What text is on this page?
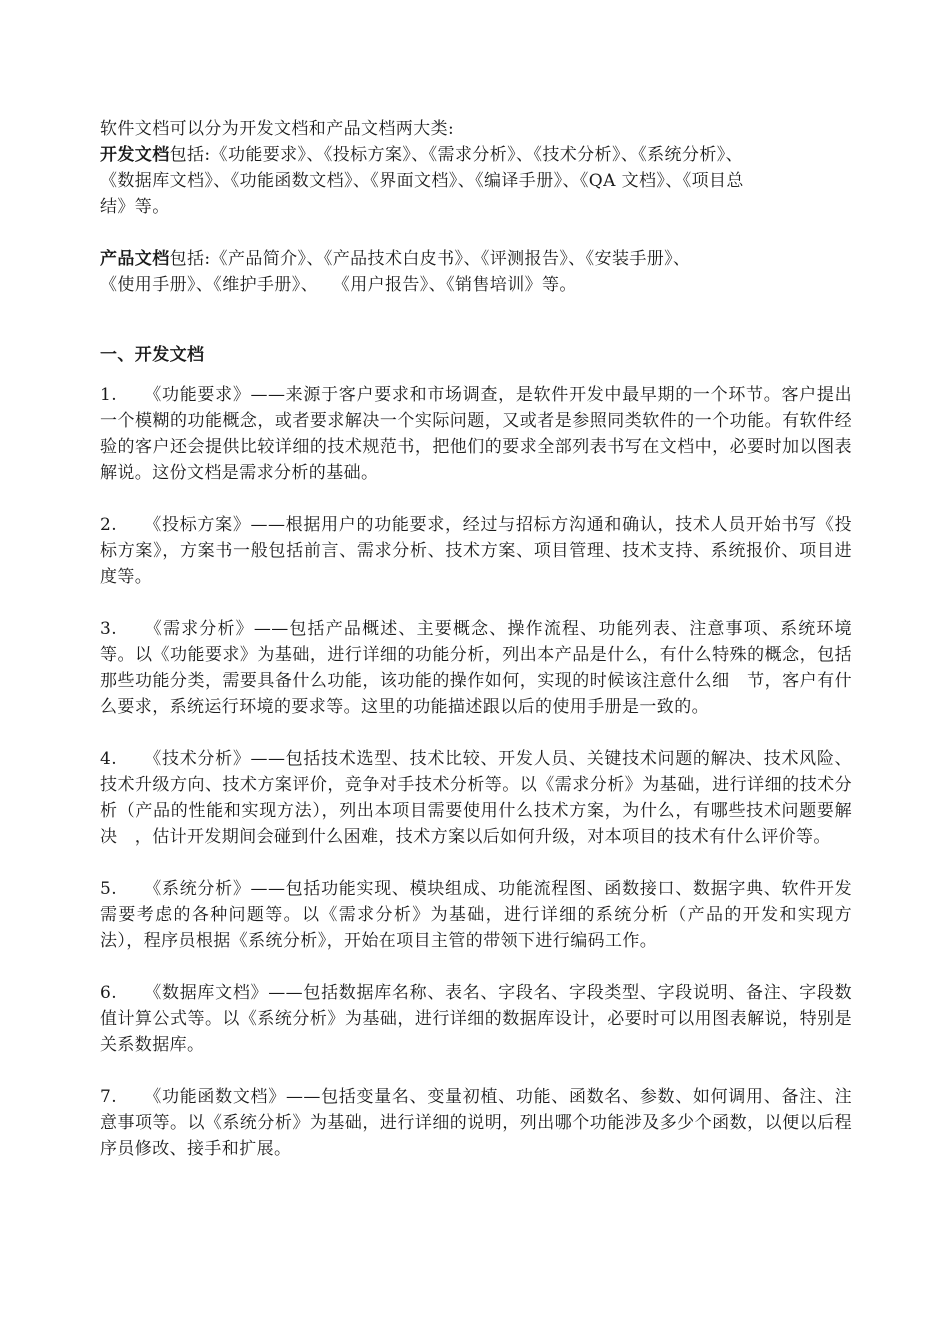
软件文档可以分为开发文档和产品文档两大类:
开发文档包括:《功能要求》、《投标方案》、《需求分析》、《技术分析》、《系统分析》、
《数据库文档》、《功能函数文档》、《界面文档》、《编译手册》、《QA 文档》、《项目总
结》等。
产品文档包括:《产品简介》、《产品技术白皮书》、《评测报告》、《安装手册》、
《使用手册》、《维护手册》、　 《用户报告》、《销售培训》等。
一、开发文档
1. 《功能要求》——来源于客户要求和市场调查，是软件开发中最早期的一个环节。客户提出一个模糊的功能概念，或者要求解决一个实际问题，又或者是参照同类软件的一个功能。有软件经验的客户还会提供比较详细的技术规范书，把他们的要求全部列表书写在文档中，必要时加以图表解说。这份文档是需求分析的基础。
2. 《投标方案》——根据用户的功能要求，经过与招标方沟通和确认，技术人员开始书写《投标方案》，方案书一般包括前言、需求分析、技术方案、项目管理、技术支持、系统报价、项目进度等。
3. 《需求分析》——包括产品概述、主要概念、操作流程、功能列表、注意事项、系统环境等。以《功能要求》为基础，进行详细的功能分析，列出本产品是什么，有什么特殊的概念，包括那些功能分类，需要具备什么功能，该功能的操作如何，实现的时候该注意什么细　节，客户有什么要求，系统运行环境的要求等。这里的功能描述跟以后的使用手册是一致的。
4. 《技术分析》——包括技术选型、技术比较、开发人员、关键技术问题的解决、技术风险、技术升级方向、技术方案评价，竞争对手技术分析等。以《需求分析》为基础，进行详细的技术分析（产品的性能和实现方法），列出本项目需要使用什么技术方案，为什么，有哪些技术问题要解决　，估计开发期间会碰到什么困难，技术方案以后如何升级，对本项目的技术有什么评价等。
5. 《系统分析》——包括功能实现、模块组成、功能流程图、函数接口、数据字典、软件开发需要考虑的各种问题等。以《需求分析》为基础，进行详细的系统分析（产品的开发和实现方法），程序员根据《系统分析》，开始在项目主管的带领下进行编码工作。
6. 《数据库文档》——包括数据库名称、表名、字段名、字段类型、字段说明、备注、字段数值计算公式等。以《系统分析》为基础，进行详细的数据库设计，必要时可以用图表解说，特别是关系数据库。
7. 《功能函数文档》——包括变量名、变量初植、功能、函数名、参数、如何调用、备注、注意事项等。以《系统分析》为基础，进行详细的说明，列出哪个功能涉及多少个函数，以便以后程序员修改、接手和扩展。
